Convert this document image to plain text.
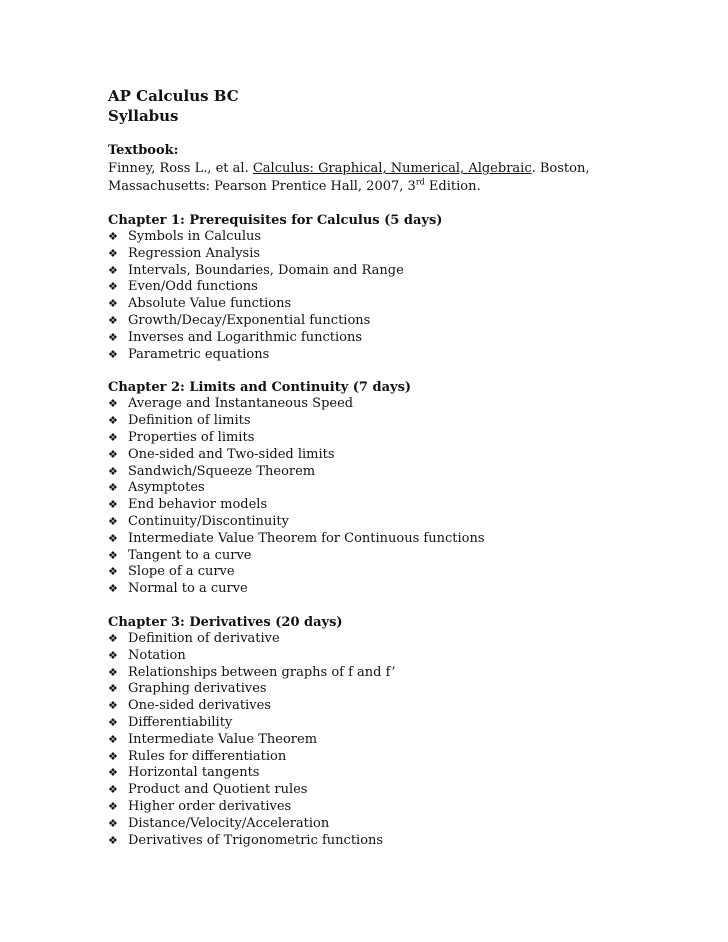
AP Calculus BC

Syllabus

Textbook:

Finney, Ross L., et al. Calculus: Graphical, Numerical, Algebraic. Boston,

Massachusetts: Pearson Prentice Hall, 2007, 3rd Edition.

Chapter 1: Prerequisites for Calculus (5 days)

❖ Symbols in Calculus
❖ Regression Analysis
❖ Intervals, Boundaries, Domain and Range
❖ Even/Odd functions
❖ Absolute Value functions
❖ Growth/Decay/Exponential functions
❖ Inverses and Logarithmic functions
❖ Parametric equations

Chapter 2: Limits and Continuity (7 days)

❖ Average and Instantaneous Speed
❖ Definition of limits
❖ Properties of limits
❖ One-sided and Two-sided limits
❖ Sandwich/Squeeze Theorem
❖ Asymptotes
❖ End behavior models
❖ Continuity/Discontinuity
❖ Intermediate Value Theorem for Continuous functions
❖ Tangent to a curve
❖ Slope of a curve
❖ Normal to a curve

Chapter 3: Derivatives (20 days)

❖ Definition of derivative
❖ Notation
❖ Relationships between graphs of f and f’
❖ Graphing derivatives
❖ One-sided derivatives
❖ Differentiability
❖ Intermediate Value Theorem
❖ Rules for differentiation
❖ Horizontal tangents
❖ Product and Quotient rules
❖ Higher order derivatives
❖ Distance/Velocity/Acceleration
❖ Derivatives of Trigonometric functions
